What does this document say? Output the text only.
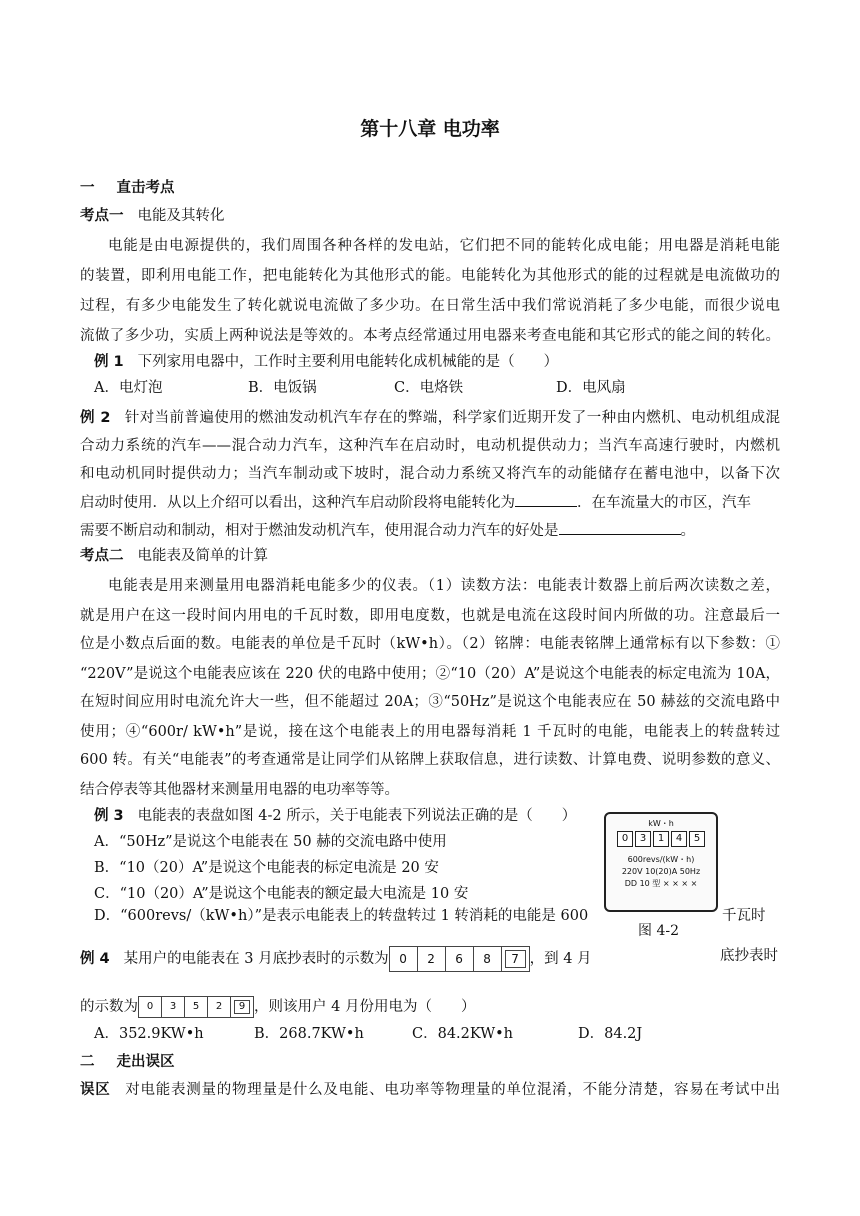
第十八章 电功率
一 直击考点
考点一 电能及其转化
电能是由电源提供的，我们周围各种各样的发电站，它们把不同的能转化成电能；用电器是消耗电能
的装置，即利用电能工作，把电能转化为其他形式的能。电能转化为其他形式的能的过程就是电流做功的
过程，有多少电能发生了转化就说电流做了多少功。在日常生活中我们常说消耗了多少电能，而很少说电
流做了多少功，实质上两种说法是等效的。本考点经常通过用电器来考查电能和其它形式的能之间的转化。
例 1 下列家用电器中，工作时主要利用电能转化成机械能的是（　　）
A．电灯泡	B．电饭锅	C．电烙铁	D．电风扇
例 2 针对当前普遍使用的燃油发动机汽车存在的弊端，科学家们近期开发了一种由内燃机、电动机组成混
合动力系统的汽车——混合动力汽车，这种汽车在启动时，电动机提供动力；当汽车高速行驶时，内燃机
和电动机同时提供动力；当汽车制动或下坡时，混合动力系统又将汽车的动能储存在蓄电池中，以备下次
启动时使用．从以上介绍可以看出，这种汽车启动阶段将电能转化为	．在车流量大的市区，汽车
需要不断启动和制动，相对于燃油发动机汽车，使用混合动力汽车的好处是	。
考点二 电能表及简单的计算
电能表是用来测量用电器消耗电能多少的仪表。（1）读数方法：电能表计数器上前后两次读数之差，
就是用户在这一段时间内用电的千瓦时数，即用电度数，也就是电流在这段时间内所做的功。注意最后一
位是小数点后面的数。电能表的单位是千瓦时（kW•h）。（2）铭牌：电能表铭牌上通常标有以下参数：①
“220V”是说这个电能表应该在 220 伏的电路中使用；②“10（20）A”是说这个电能表的标定电流为 10A，
在短时间应用时电流允许大一些，但不能超过 20A；③“50Hz”是说这个电能表应在 50 赫兹的交流电路中
使用；④“600r/ kW•h”是说，接在这个电能表上的用电器每消耗 1 千瓦时的电能，电能表上的转盘转过
600 转。有关“电能表”的考查通常是让同学们从铭牌上获取信息，进行读数、计算电费、说明参数的意义、
结合停表等其他器材来测量用电器的电功率等等。
例 3 电能表的表盘如图 4-2 所示，关于电能表下列说法正确的是（　　）
A．“50Hz”是说这个电能表在 50 赫的交流电路中使用
B．“10（20）A”是说这个电能表的标定电流是 20 安
C．“10（20）A”是说这个电能表的额定最大电流是 10 安
D．“600revs/（kW•h）”是表示电能表上的转盘转过 1 转消耗的电能是 600	千瓦时
kW・h
0	3	1	4	5
600revs/(kW・h)
220V 10(20)A 50Hz
DD 10 型 × × × ×
图 4-2
例 4 某用户的电能表在 3 月底抄表时的示数为 0	2	6	8	7 ，到 4 月	底抄表时
的示数为 0	3	5	2	9 ，则该用户 4 月份用电为（　　）
A．352.9KW•h	B．268.7KW•h	C．84.2KW•h	D．84.2J
二 走出误区
误区 对电能表测量的物理量是什么及电能、电功率等物理量的单位混淆，不能分清楚，容易在考试中出
